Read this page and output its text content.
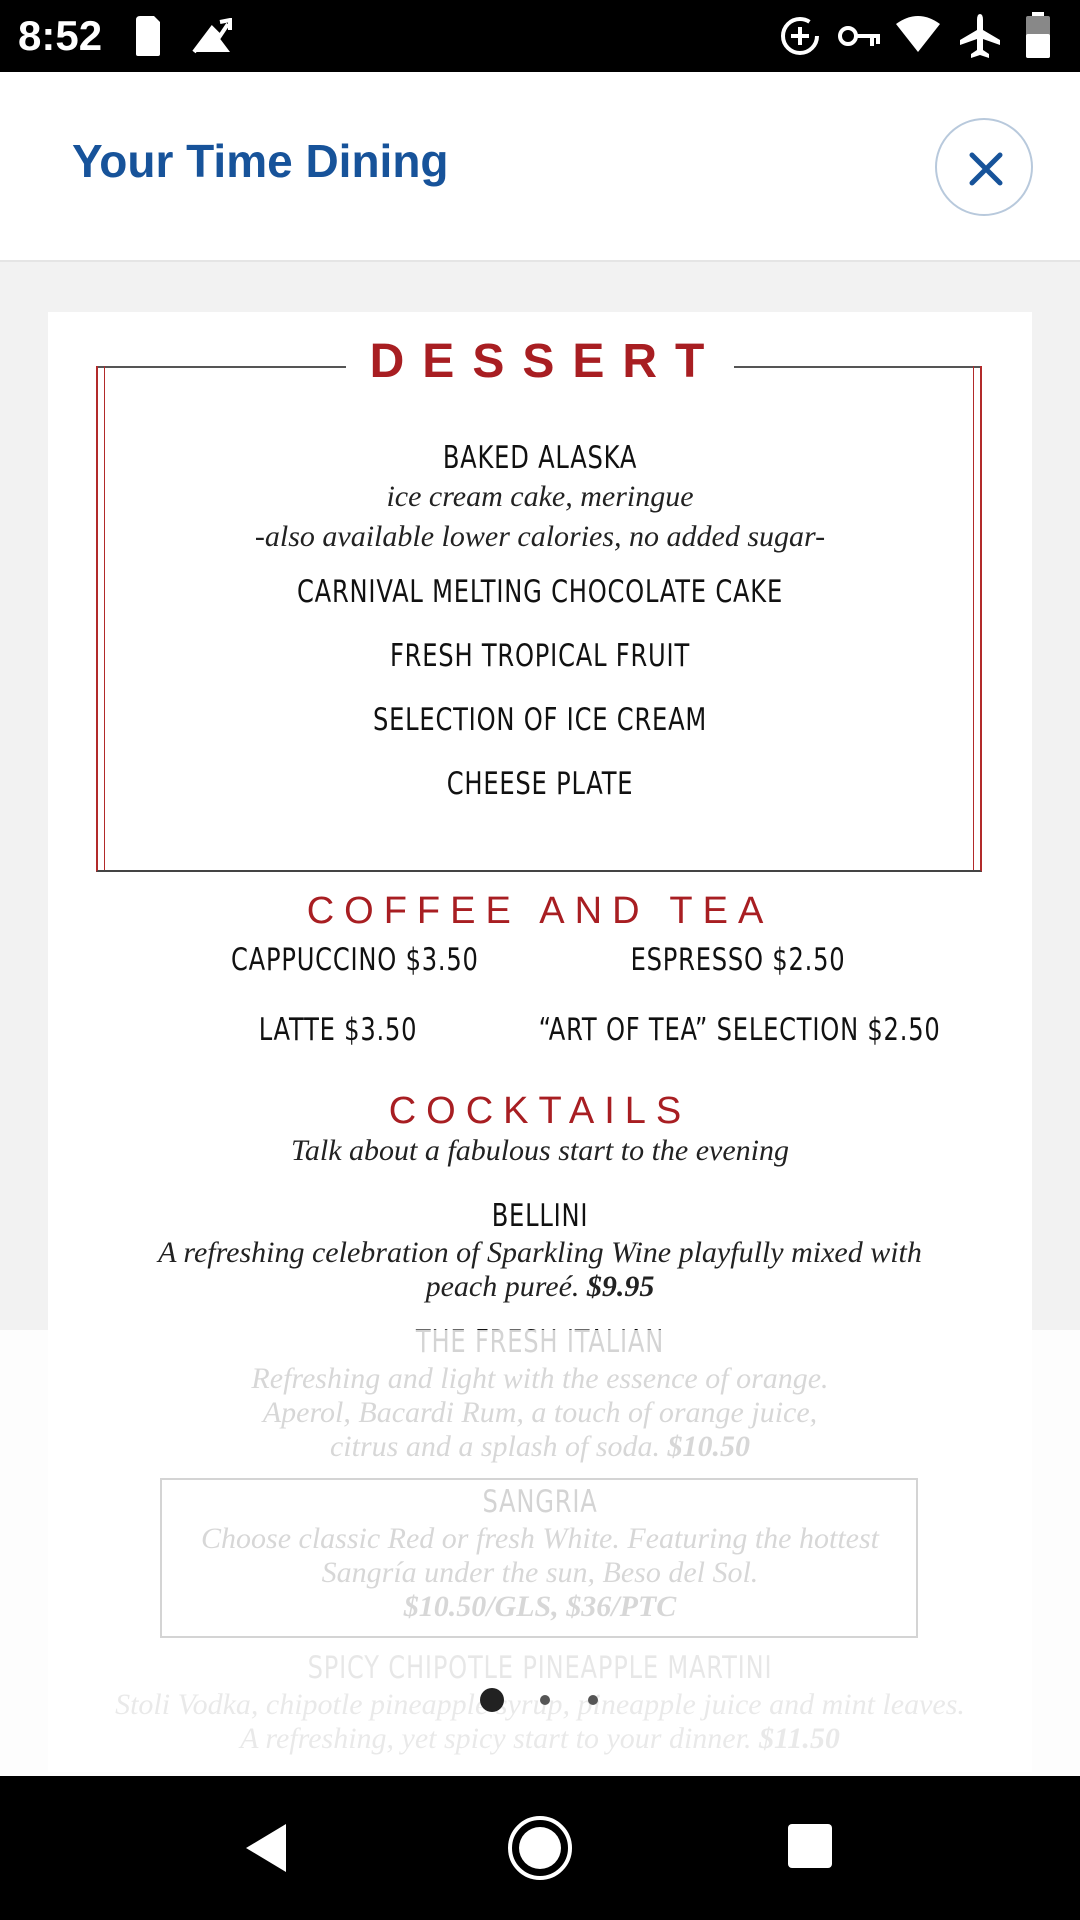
8:52
Your Time Dining
DESSERT
BAKED ALASKA
ice cream cake, meringue
-also available lower calories, no added sugar-
CARNIVAL MELTING CHOCOLATE CAKE
FRESH TROPICAL FRUIT
SELECTION OF ICE CREAM
CHEESE PLATE
COFFEE AND TEA
CAPPUCCINO $3.50	ESPRESSO $2.50
LATTE $3.50	“ART OF TEA” SELECTION $2.50
COCKTAILS
Talk about a fabulous start to the evening
BELLINI
A refreshing celebration of Sparkling Wine playfully mixed with
peach pureé. $9.95
